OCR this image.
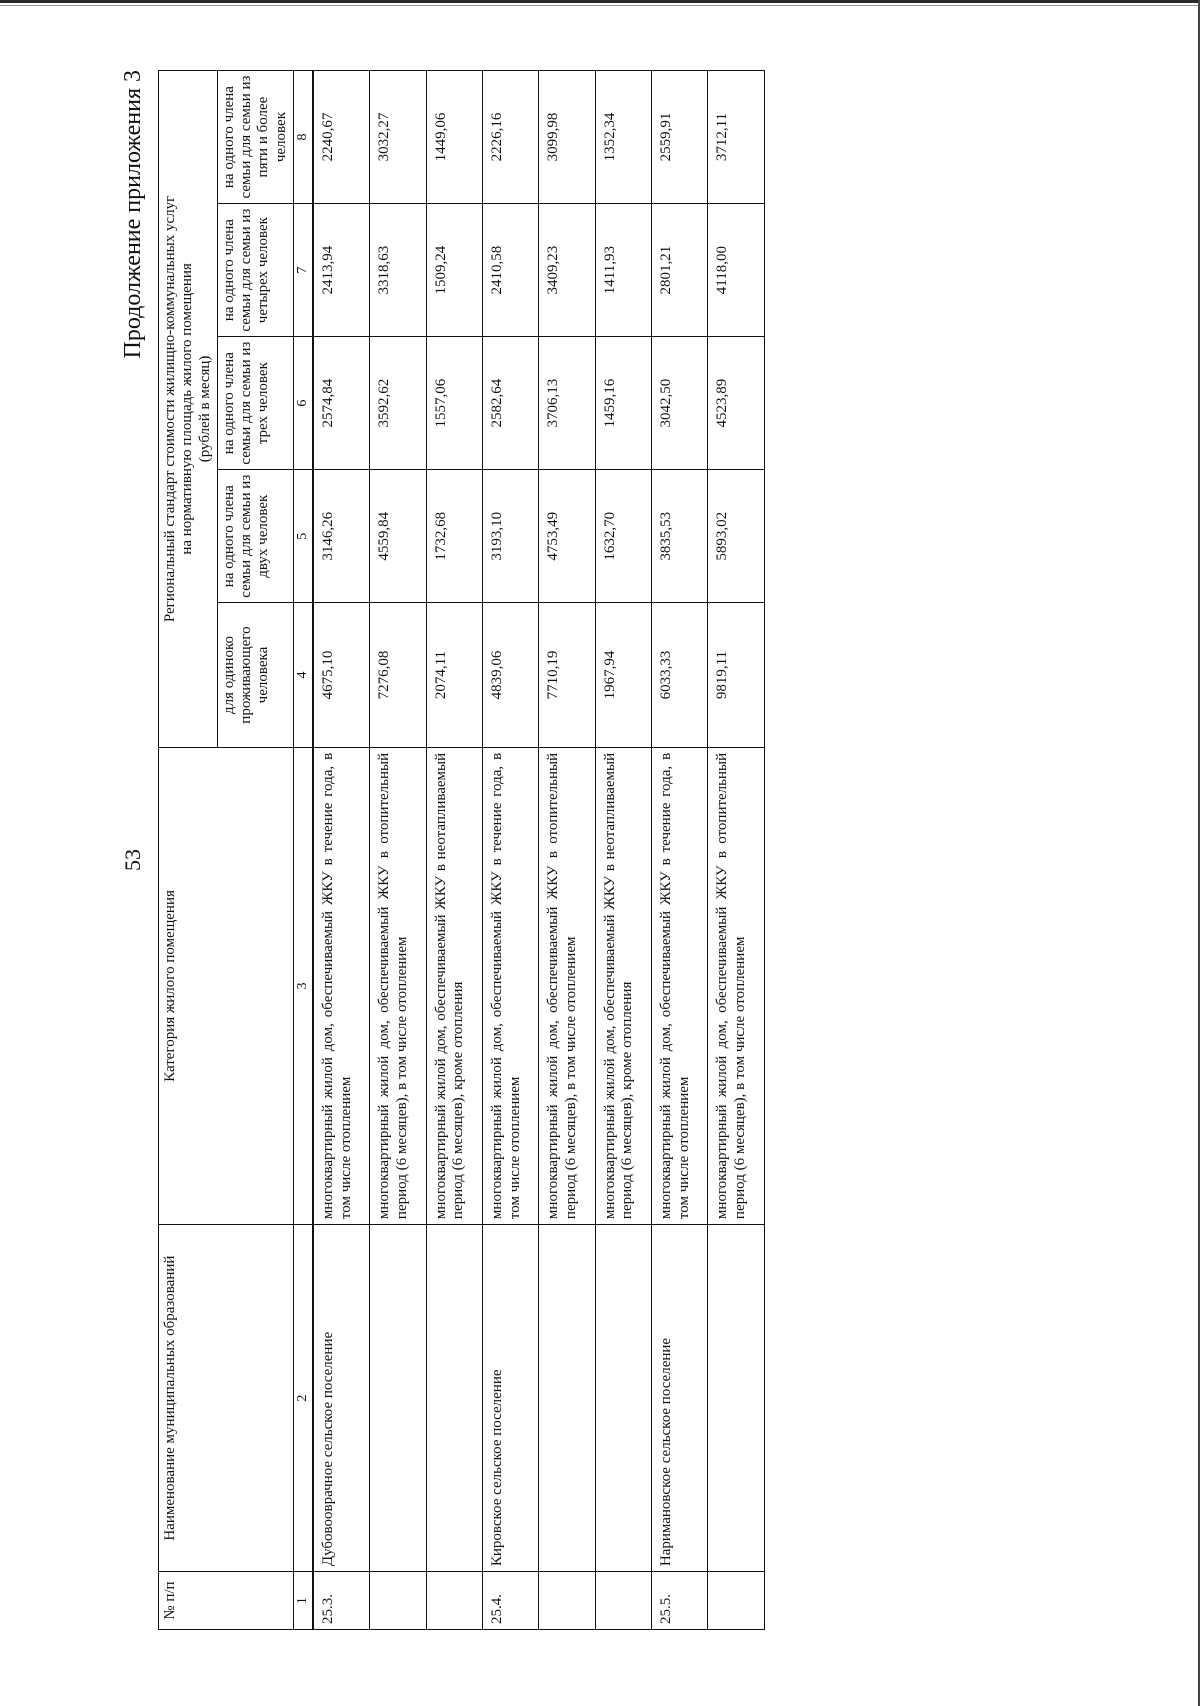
53
Продолжение приложения 3
№ п/п	Наименование муниципальных образований	Категория жилого помещения	Региональный стандарт стоимости жилищно-коммунальных услуг на нормативную площадь жилого помещения (рублей в месяц)				

			для одиноко проживающего человека	на одного члена семьи для семьи из двух человек	на одного члена семьи для семьи из трех человек	на одного члена семьи для семьи из четырех человек	на одного члена семьи для семьи из пяти и более человек
1	2	3	4	5	6	7	8
25.3.	Дубовооврачное сельское поселение	многоквартирный жилой дом, обеспечиваемый ЖКУ в течение года, в том числе отоплением	4675,10	3146,26	2574,84	2413,94	2240,67
		многоквартирный жилой дом, обеспечиваемый ЖКУ в отопительный период (6 месяцев), в том числе отоплением	7276,08	4559,84	3592,62	3318,63	3032,27
		многоквартирный жилой дом, обеспечиваемый ЖКУ в неотапливаемый период (6 месяцев), кроме отопления	2074,11	1732,68	1557,06	1509,24	1449,06
25.4.	Кировское сельское поселение	многоквартирный жилой дом, обеспечиваемый ЖКУ в течение года, в том числе отоплением	4839,06	3193,10	2582,64	2410,58	2226,16
		многоквартирный жилой дом, обеспечиваемый ЖКУ в отопительный период (6 месяцев), в том числе отоплением	7710,19	4753,49	3706,13	3409,23	3099,98
		многоквартирный жилой дом, обеспечиваемый ЖКУ в неотапливаемый период (6 месяцев), кроме отопления	1967,94	1632,70	1459,16	1411,93	1352,34
25.5.	Наримановское сельское поселение	многоквартирный жилой дом, обеспечиваемый ЖКУ в течение года, в том числе отоплением	6033,33	3835,53	3042,50	2801,21	2559,91
		многоквартирный жилой дом, обеспечиваемый ЖКУ в отопительный период (6 месяцев), в том числе отоплением	9819,11	5893,02	4523,89	4118,00	3712,11
